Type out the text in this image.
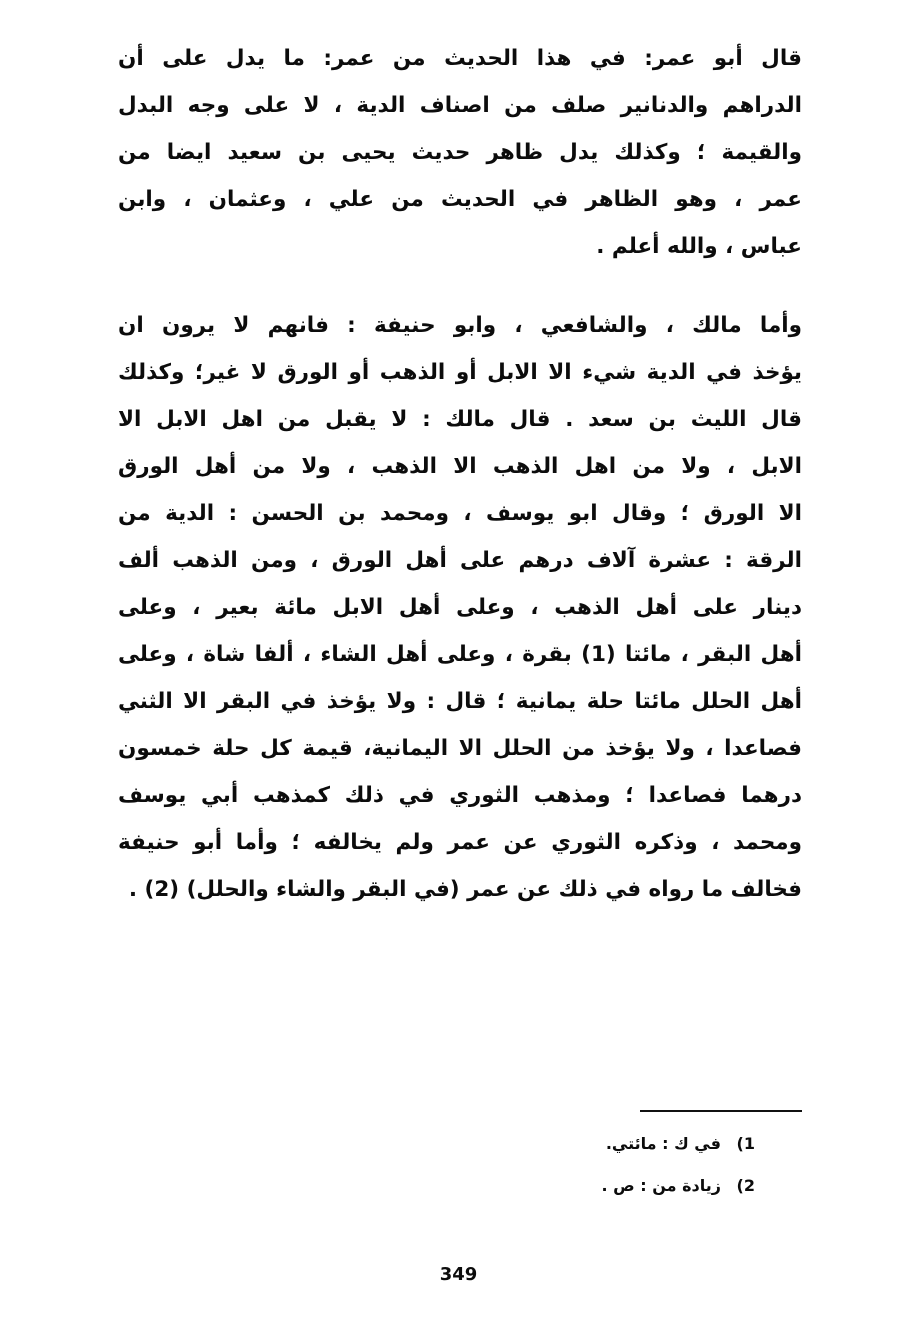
قال أبو عمر: في هذا الحديث من عمر: ما يدل على أن
الدراهم والدنانير صلف من اصناف الدية ، لا على وجه البدل
والقيمة ؛ وكذلك يدل ظاهر حديث يحيى بن سعيد ايضا من
عمر ، وهو الظاهر في الحديث من علي ، وعثمان ، وابن
عباس ، والله أعلم .
وأما مالك ، والشافعي ، وابو حنيفة : فانهم لا يرون ان
يؤخذ في الدية شيء الا الابل أو الذهب أو الورق لا غير؛ وكذلك
قال الليث بن سعد . قال مالك : لا يقبل من اهل الابل الا
الابل ، ولا من اهل الذهب الا الذهب ، ولا من أهل الورق
الا الورق ؛ وقال ابو يوسف ، ومحمد بن الحسن : الدية من
الرقة : عشرة آلاف درهم على أهل الورق ، ومن الذهب ألف
دينار على أهل الذهب ، وعلى أهل الابل مائة بعير ، وعلى
أهل البقر ، مائتا (1) بقرة ، وعلى أهل الشاء ، ألفا شاة ، وعلى
أهل الحلل مائتا حلة يمانية ؛ قال : ولا يؤخذ في البقر الا الثني
فصاعدا ، ولا يؤخذ من الحلل الا اليمانية، قيمة كل حلة خمسون
درهما فصاعدا ؛ ومذهب الثوري في ذلك كمذهب أبي يوسف
ومحمد ، وذكره الثوري عن عمر ولم يخالفه ؛ وأما أبو حنيفة
فخالف ما رواه في ذلك عن عمر (في البقر والشاء والحلل) (2) .
1) في ك : مائتي.
2) زيادة من : ص .
349
